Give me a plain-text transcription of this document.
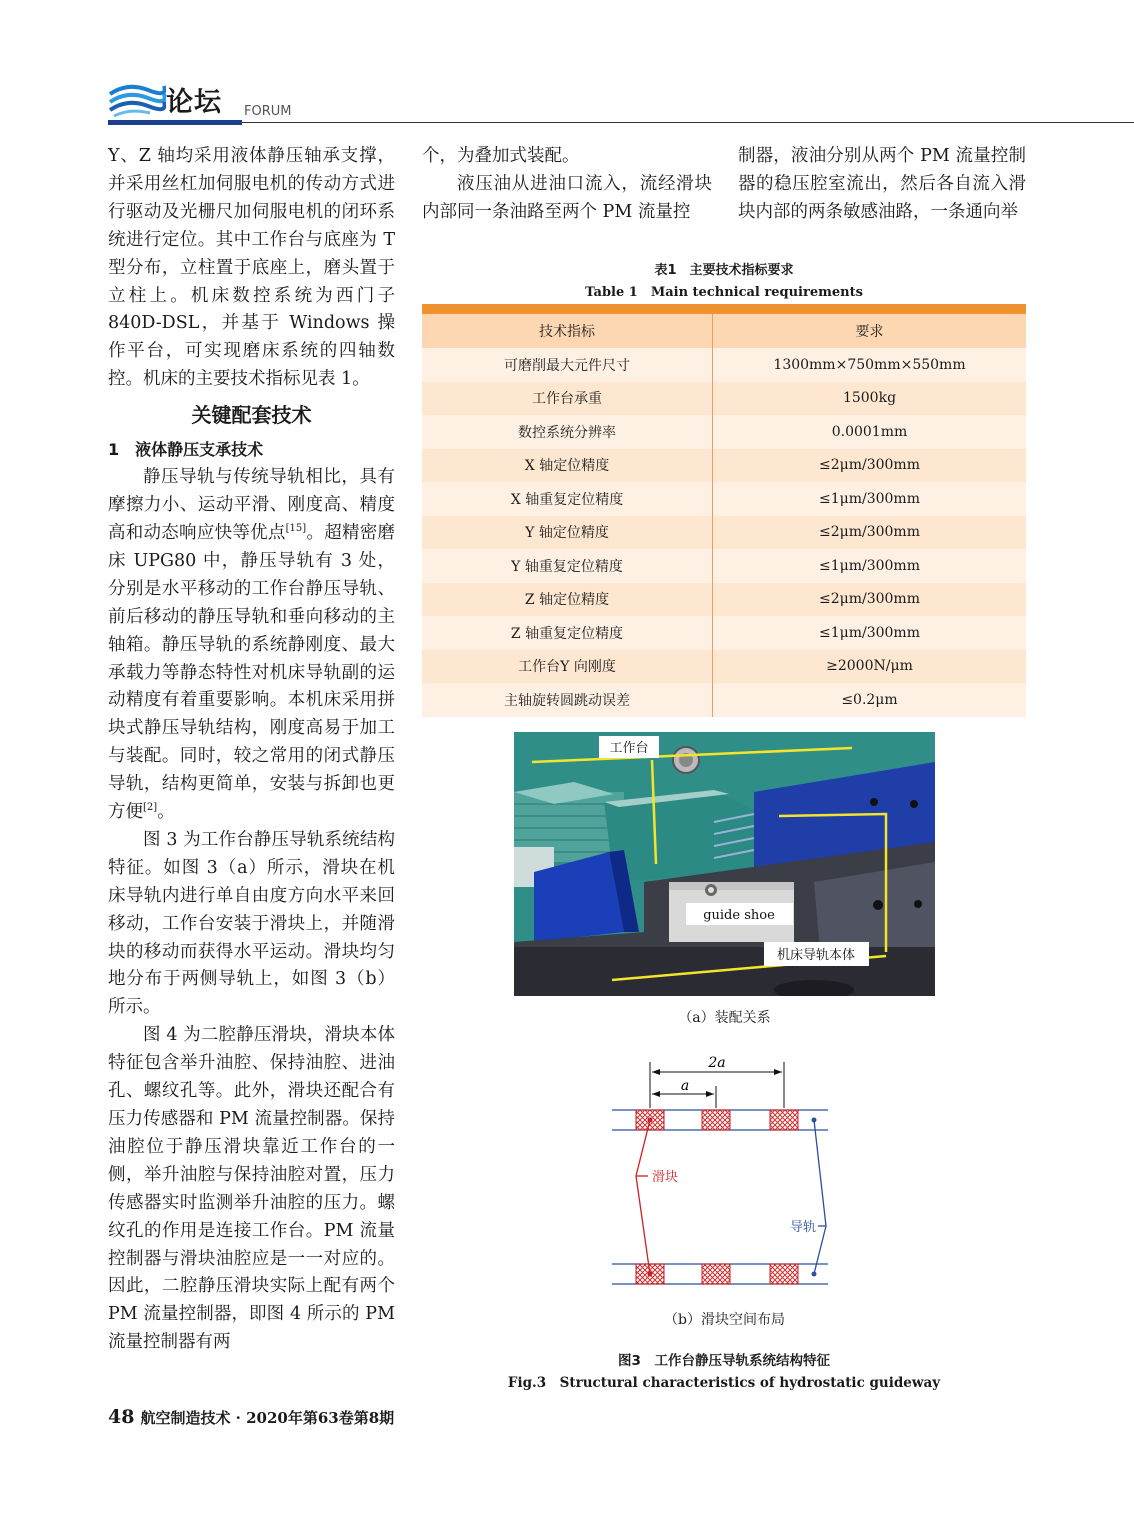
论坛 FORUM

Y、Z 轴均采用液体静压轴承支撑，并采用丝杠加伺服电机的传动方式进行驱动及光栅尺加伺服电机的闭环系统进行定位。其中工作台与底座为 T 型分布，立柱置于底座上，磨头置于立柱上。机床数控系统为西门子 840D-DSL，并基于 Windows 操作平台，可实现磨床系统的四轴数控。机床的主要技术指标见表 1。

关键配套技术
1　液体静压支承技术

静压导轨与传统导轨相比，具有摩擦力小、运动平滑、刚度高、精度高和动态响应快等优点[15]。超精密磨床 UPG80 中，静压导轨有 3 处，分别是水平移动的工作台静压导轨、前后移动的静压导轨和垂向移动的主轴箱。静压导轨的系统静刚度、最大承载力等静态特性对机床导轨副的运动精度有着重要影响。本机床采用拼块式静压导轨结构，刚度高易于加工与装配。同时，较之常用的闭式静压导轨，结构更简单，安装与拆卸也更方便[2]。

图 3 为工作台静压导轨系统结构特征。如图 3（a）所示，滑块在机床导轨内进行单自由度方向水平来回移动，工作台安装于滑块上，并随滑块的移动而获得水平运动。滑块均匀地分布于两侧导轨上，如图 3（b）所示。

图 4 为二腔静压滑块，滑块本体特征包含举升油腔、保持油腔、进油孔、螺纹孔等。此外，滑块还配合有压力传感器和 PM 流量控制器。保持油腔位于静压滑块靠近工作台的一侧，举升油腔与保持油腔对置，压力传感器实时监测举升油腔的压力。螺纹孔的作用是连接工作台。PM 流量控制器与滑块油腔应是一一对应的。因此，二腔静压滑块实际上配有两个 PM 流量控制器，即图 4 所示的 PM 流量控制器有两

个，为叠加式装配。

液压油从进油口流入，流经滑块内部同一条油路至两个 PM 流量控

制器，液油分别从两个 PM 流量控制器的稳压腔室流出，然后各自流入滑块内部的两条敏感油路，一条通向举

表1　主要技术指标要求
Table 1　Main technical requirements
技术指标	要求
可磨削最大元件尺寸	1300mm×750mm×550mm
工作台承重	1500kg
数控系统分辨率	0.0001mm
X 轴定位精度	≤2μm/300mm
X 轴重复定位精度	≤1μm/300mm
Y 轴定位精度	≤2μm/300mm
Y 轴重复定位精度	≤1μm/300mm
Z 轴定位精度	≤2μm/300mm
Z 轴重复定位精度	≤1μm/300mm
工作台Y 向刚度	≥2000N/μm
主轴旋转圆跳动误差	≤0.2μm
工作台
guide shoe
机床导轨本体
（a）装配关系
2a
a
滑块
导轨
（b）滑块空间布局
图3　工作台静压导轨系统结构特征
Fig.3　Structural characteristics of hydrostatic guideway
48 航空制造技术 · 2020年第63卷第8期
